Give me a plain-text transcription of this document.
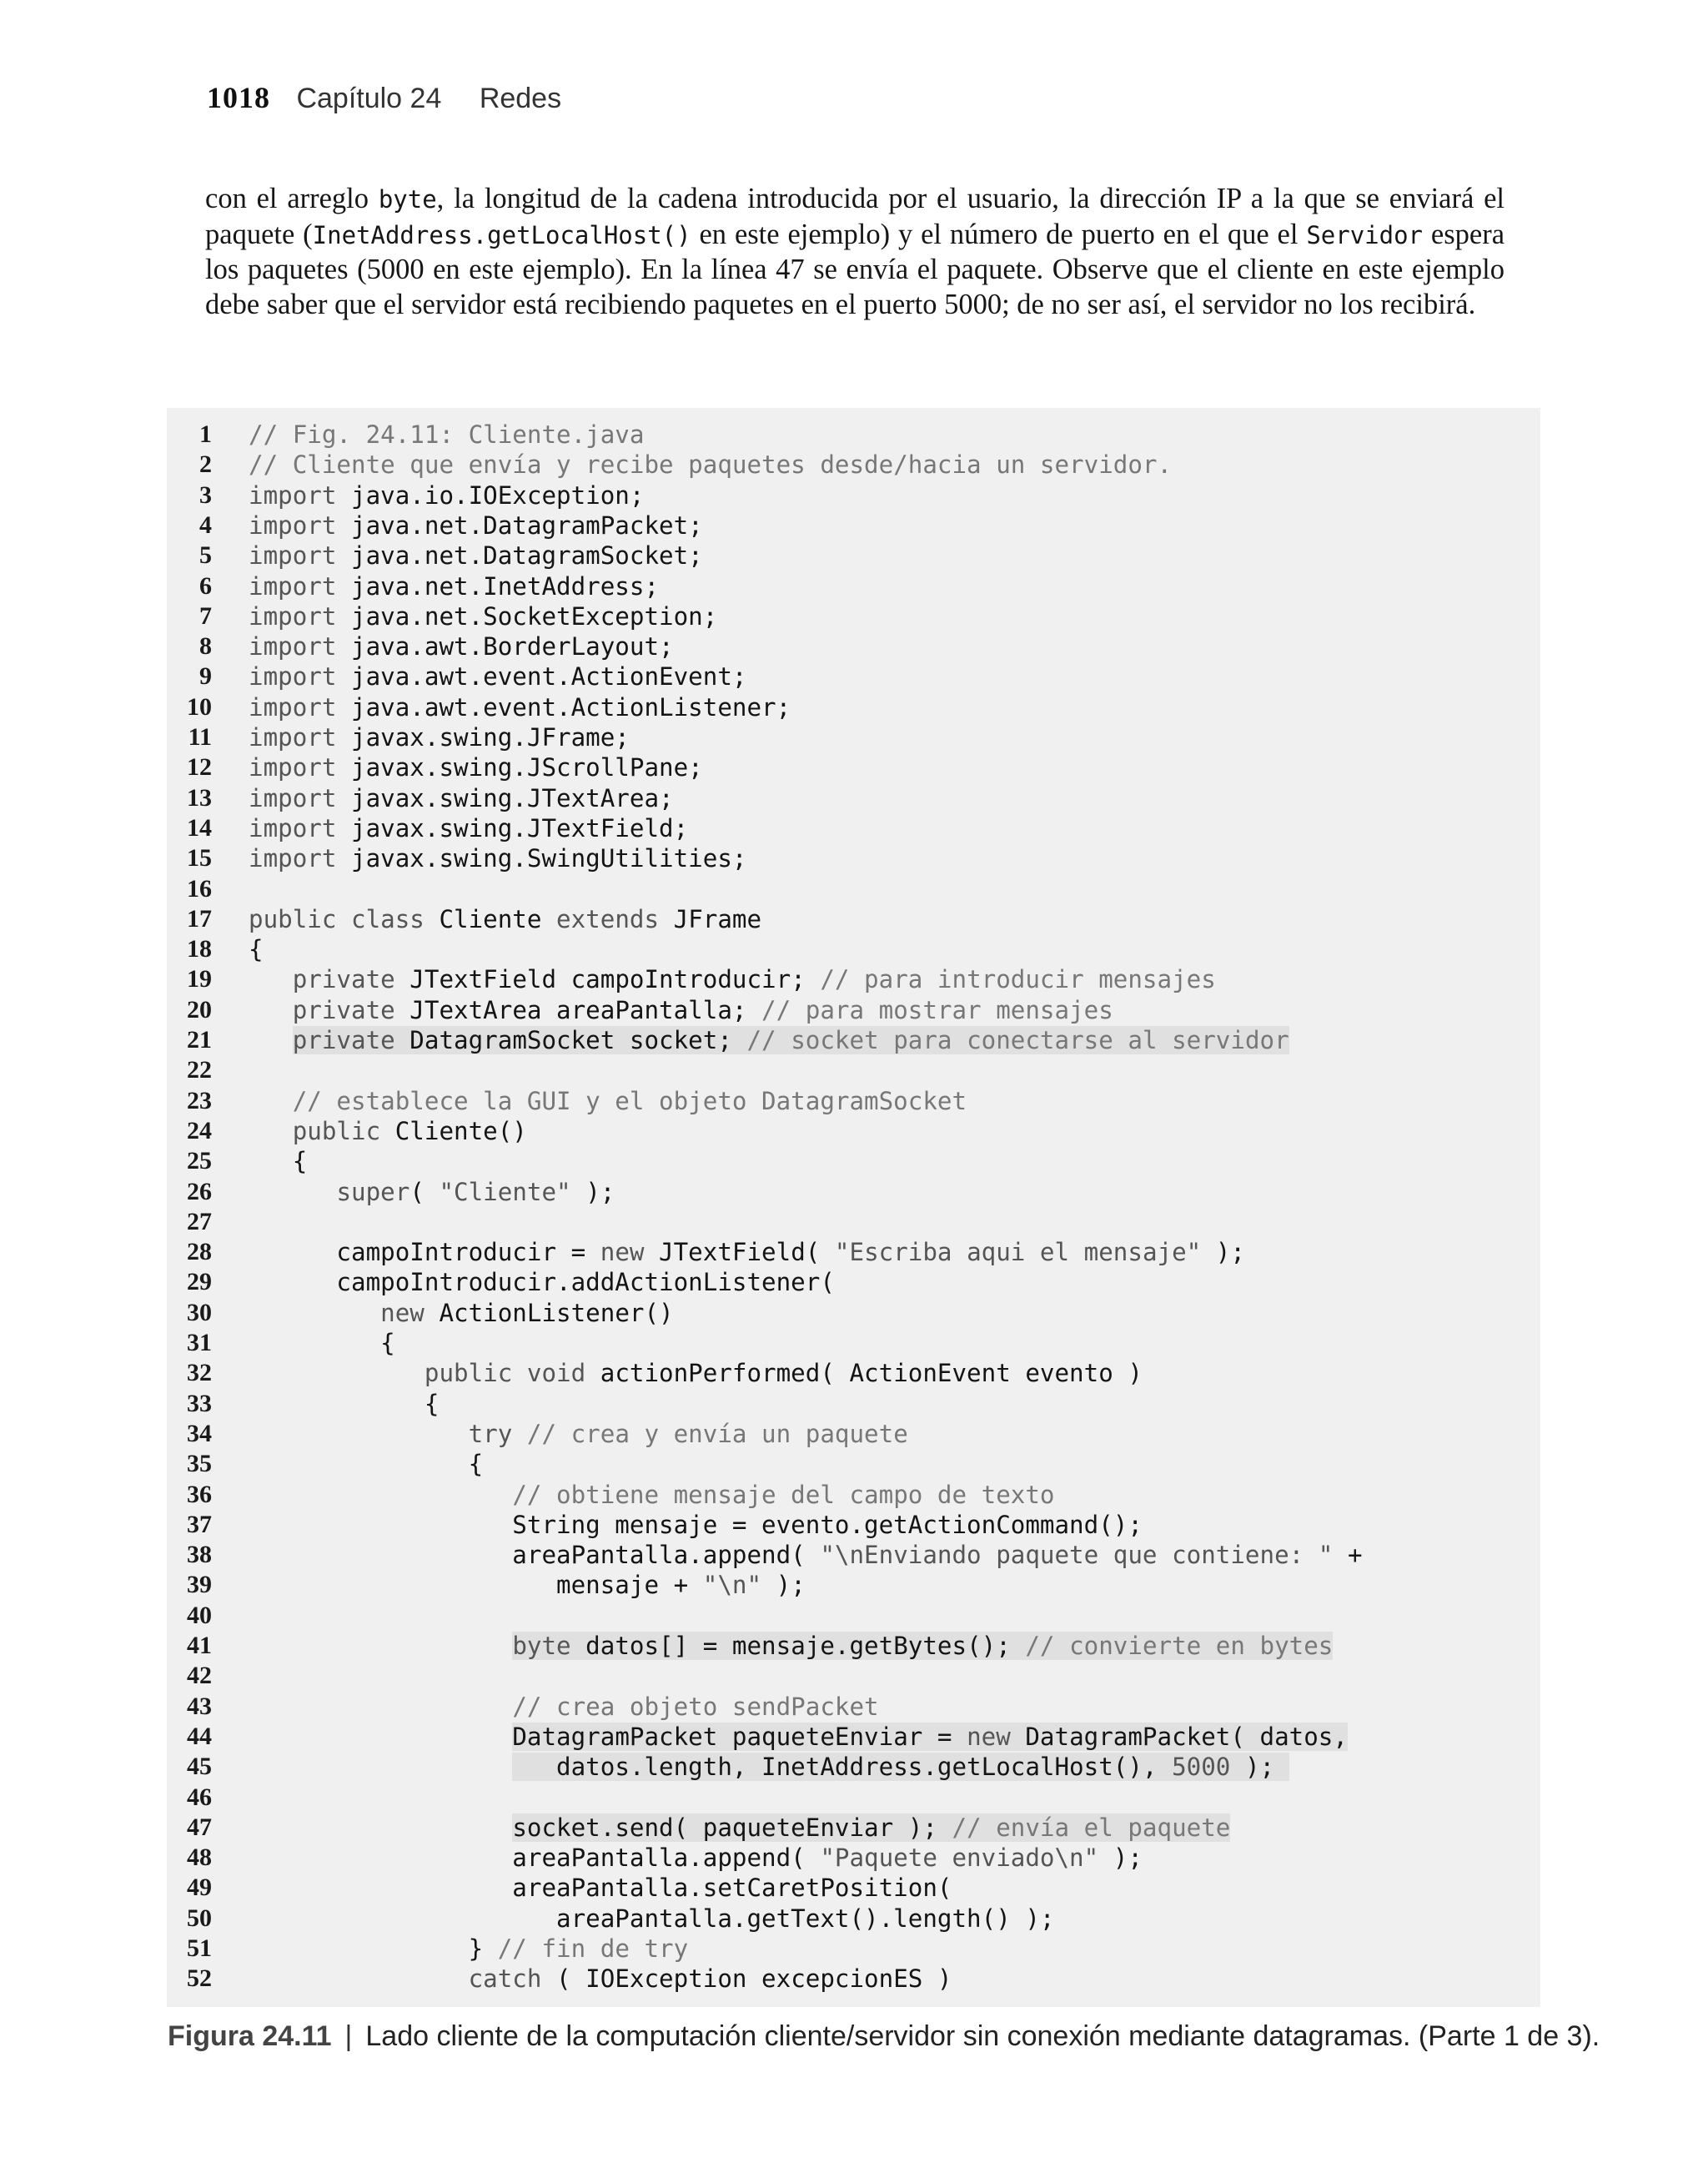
1018 Capítulo 24 Redes
con el arreglo byte, la longitud de la cadena introducida por el usuario, la dirección IP a la que se enviará el paquete (InetAddress.getLocalHost() en este ejemplo) y el número de puerto en el que el Servidor espera los paquetes (5000 en este ejemplo). En la línea 47 se envía el paquete. Observe que el cliente en este ejemplo debe saber que el servidor está recibiendo paquetes en el puerto 5000; de no ser así, el servidor no los recibirá.
1 // Fig. 24.11: Cliente.java
2 // Cliente que envía y recibe paquetes desde/hacia un servidor.
3 import java.io.IOException;
4 import java.net.DatagramPacket;
5 import java.net.DatagramSocket;
6 import java.net.InetAddress;
7 import java.net.SocketException;
8 import java.awt.BorderLayout;
9 import java.awt.event.ActionEvent;
10 import java.awt.event.ActionListener;
11 import javax.swing.JFrame;
12 import javax.swing.JScrollPane;
13 import javax.swing.JTextArea;
14 import javax.swing.JTextField;
15 import javax.swing.SwingUtilities;
16
17 public class Cliente extends JFrame
18 {
19	private JTextField campoIntroducir; // para introducir mensajes
20	private JTextArea areaPantalla; // para mostrar mensajes
21	private DatagramSocket socket; // socket para conectarse al servidor
22
23	// establece la GUI y el objeto DatagramSocket
24	public Cliente()
25 {
26	super( "Cliente" );
27
28 campoIntroducir = new JTextField( "Escriba aqui el mensaje" );
29 campoIntroducir.addActionListener(
30	new ActionListener()
31 {
32	public void actionPerformed( ActionEvent evento )
33 {
34	try // crea y envía un paquete
35 {
36	// obtiene mensaje del campo de texto
37 String mensaje = evento.getActionCommand();
38 areaPantalla.append( "\nEnviando paquete que contiene: " +
39 mensaje + "\n" );
40
41	byte datos[] = mensaje.getBytes(); // convierte en bytes
42
43	// crea objeto sendPacket
44	DatagramPacket paqueteEnviar = new DatagramPacket( datos,
45	datos.length, InetAddress.getLocalHost(), 5000 );
46
47	socket.send( paqueteEnviar ); // envía el paquete
48 areaPantalla.append( "Paquete enviado\n" );
49 areaPantalla.setCaretPosition(
50 areaPantalla.getText().length() );
51 } // fin de try
52	catch ( IOException excepcionES )
Figura 24.11 | Lado cliente de la computación cliente/servidor sin conexión mediante datagramas. (Parte 1 de 3).
